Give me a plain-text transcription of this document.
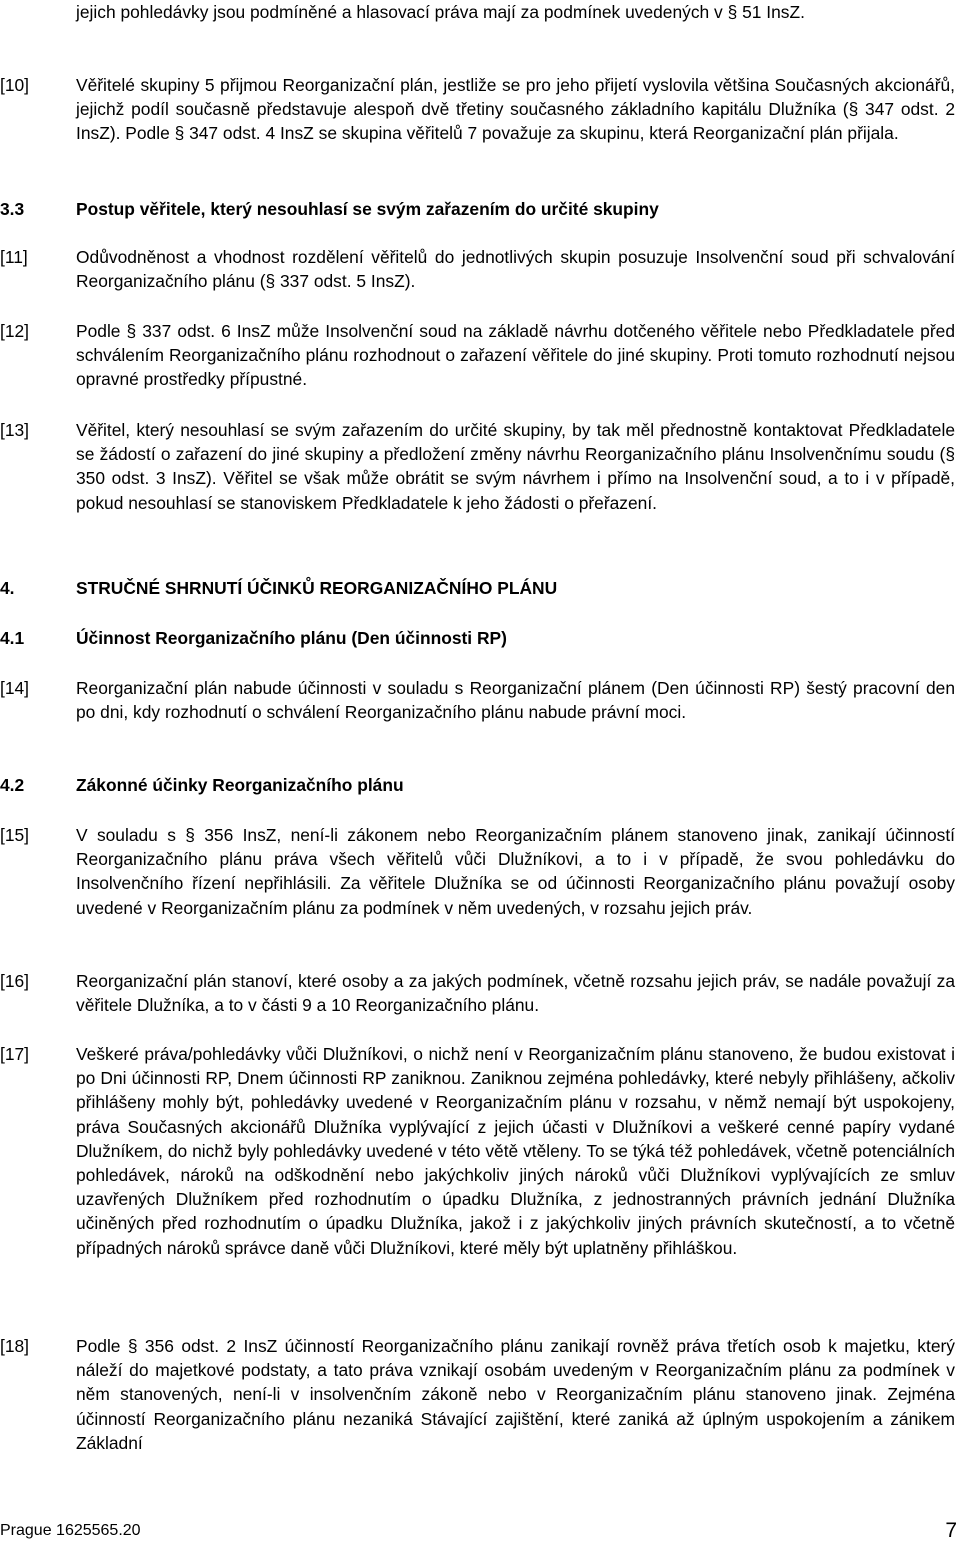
jejich pohledávky jsou podmíněné a hlasovací práva mají za podmínek uvedených v § 51 InsZ.
[10]	Věřitelé skupiny 5 přijmou Reorganizační plán, jestliže se pro jeho přijetí vyslovila většina Současných akcionářů, jejichž podíl současně představuje alespoň dvě třetiny současného základního kapitálu Dlužníka (§ 347 odst. 2 InsZ). Podle § 347 odst. 4 InsZ se skupina věřitelů 7 považuje za skupinu, která Reorganizační plán přijala.
3.3	Postup věřitele, který nesouhlasí se svým zařazením do určité skupiny
[11]	Odůvodněnost a vhodnost rozdělení věřitelů do jednotlivých skupin posuzuje Insolvenční soud při schvalování Reorganizačního plánu (§ 337 odst. 5 InsZ).
[12]	Podle § 337 odst. 6 InsZ může Insolvenční soud na základě návrhu dotčeného věřitele nebo Předkladatele před schválením Reorganizačního plánu rozhodnout o zařazení věřitele do jiné skupiny. Proti tomuto rozhodnutí nejsou opravné prostředky přípustné.
[13]	Věřitel, který nesouhlasí se svým zařazením do určité skupiny, by tak měl přednostně kontaktovat Předkladatele se žádostí o zařazení do jiné skupiny a předložení změny návrhu Reorganizačního plánu Insolvenčnímu soudu (§ 350 odst. 3 InsZ). Věřitel se však může obrátit se svým návrhem i přímo na Insolvenční soud, a to i v případě, pokud nesouhlasí se stanoviskem Předkladatele k jeho žádosti o přeřazení.
4.	STRUČNÉ SHRNUTÍ ÚČINKŮ REORGANIZAČNÍHO PLÁNU
4.1	Účinnost Reorganizačního plánu (Den účinnosti RP)
[14]	Reorganizační plán nabude účinnosti v souladu s Reorganizační plánem (Den účinnosti RP) šestý pracovní den po dni, kdy rozhodnutí o schválení Reorganizačního plánu nabude právní moci.
4.2	Zákonné účinky Reorganizačního plánu
[15]	V souladu s § 356 InsZ, není-li zákonem nebo Reorganizačním plánem stanoveno jinak, zanikají účinností Reorganizačního plánu práva všech věřitelů vůči Dlužníkovi, a to i v případě, že svou pohledávku do Insolvenčního řízení nepřihlásili. Za věřitele Dlužníka se od účinnosti Reorganizačního plánu považují osoby uvedené v Reorganizačním plánu za podmínek v něm uvedených, v rozsahu jejich práv.
[16]	Reorganizační plán stanoví, které osoby a za jakých podmínek, včetně rozsahu jejich práv, se nadále považují za věřitele Dlužníka, a to v části 9 a 10 Reorganizačního plánu.
[17]	Veškeré práva/pohledávky vůči Dlužníkovi, o nichž není v Reorganizačním plánu stanoveno, že budou existovat i po Dni účinnosti RP, Dnem účinnosti RP zaniknou. Zaniknou zejména pohledávky, které nebyly přihlášeny, ačkoliv přihlášeny mohly být, pohledávky uvedené v Reorganizačním plánu v rozsahu, v němž nemají být uspokojeny, práva Současných akcionářů Dlužníka vyplývající z jejich účasti v Dlužníkovi a veškeré cenné papíry vydané Dlužníkem, do nichž byly pohledávky uvedené v této větě vtěleny. To se týká též pohledávek, včetně potenciálních pohledávek, nároků na odškodnění nebo jakýchkoliv jiných nároků vůči Dlužníkovi vyplývajících ze smluv uzavřených Dlužníkem před rozhodnutím o úpadku Dlužníka, z jednostranných právních jednání Dlužníka učiněných před rozhodnutím o úpadku Dlužníka, jakož i z jakýchkoliv jiných právních skutečností, a to včetně případných nároků správce daně vůči Dlužníkovi, které měly být uplatněny přihláškou.
[18]	Podle § 356 odst. 2 InsZ účinností Reorganizačního plánu zanikají rovněž práva třetích osob k majetku, který náleží do majetkové podstaty, a tato práva vznikají osobám uvedeným v Reorganizačním plánu za podmínek v něm stanovených, není-li v insolvenčním zákoně nebo v Reorganizačním plánu stanoveno jinak. Zejména účinností Reorganizačního plánu nezaniká Stávající zajištění, které zaniká až úplným uspokojením a zánikem Základní
Prague 1625565.20	7
